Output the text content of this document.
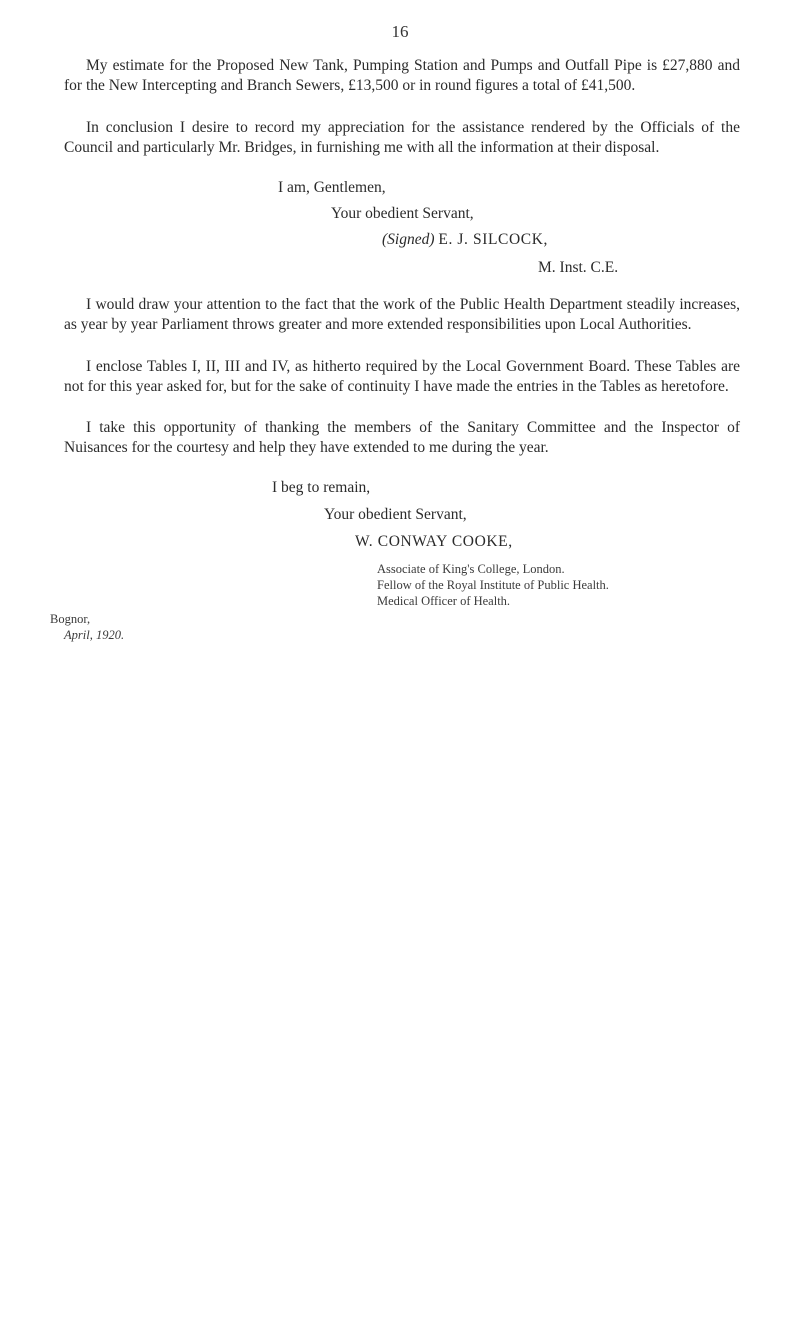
16

My estimate for the Proposed New Tank, Pumping Station and Pumps and Outfall Pipe is £27,880 and for the New Intercepting and Branch Sewers, £13,500 or in round figures a total of £41,500.

In conclusion I desire to record my appreciation for the assistance rendered by the Officials of the Council and particularly Mr. Bridges, in furnishing me with all the information at their disposal.

I am, Gentlemen,
Your obedient Servant,
(Signed) E. J. SILCOCK,
M. Inst. C.E.

I would draw your attention to the fact that the work of the Public Health Department steadily increases, as year by year Parliament throws greater and more extended responsibilities upon Local Authorities.

I enclose Tables I, II, III and IV, as hitherto required by the Local Government Board. These Tables are not for this year asked for, but for the sake of continuity I have made the entries in the Tables as heretofore.

I take this opportunity of thanking the members of the Sanitary Committee and the Inspector of Nuisances for the courtesy and help they have extended to me during the year.

I beg to remain,
Your obedient Servant,
W. CONWAY COOKE,
Associate of King's College, London.
Fellow of the Royal Institute of Public Health.
Medical Officer of Health.
Bognor,
April, 1920.
